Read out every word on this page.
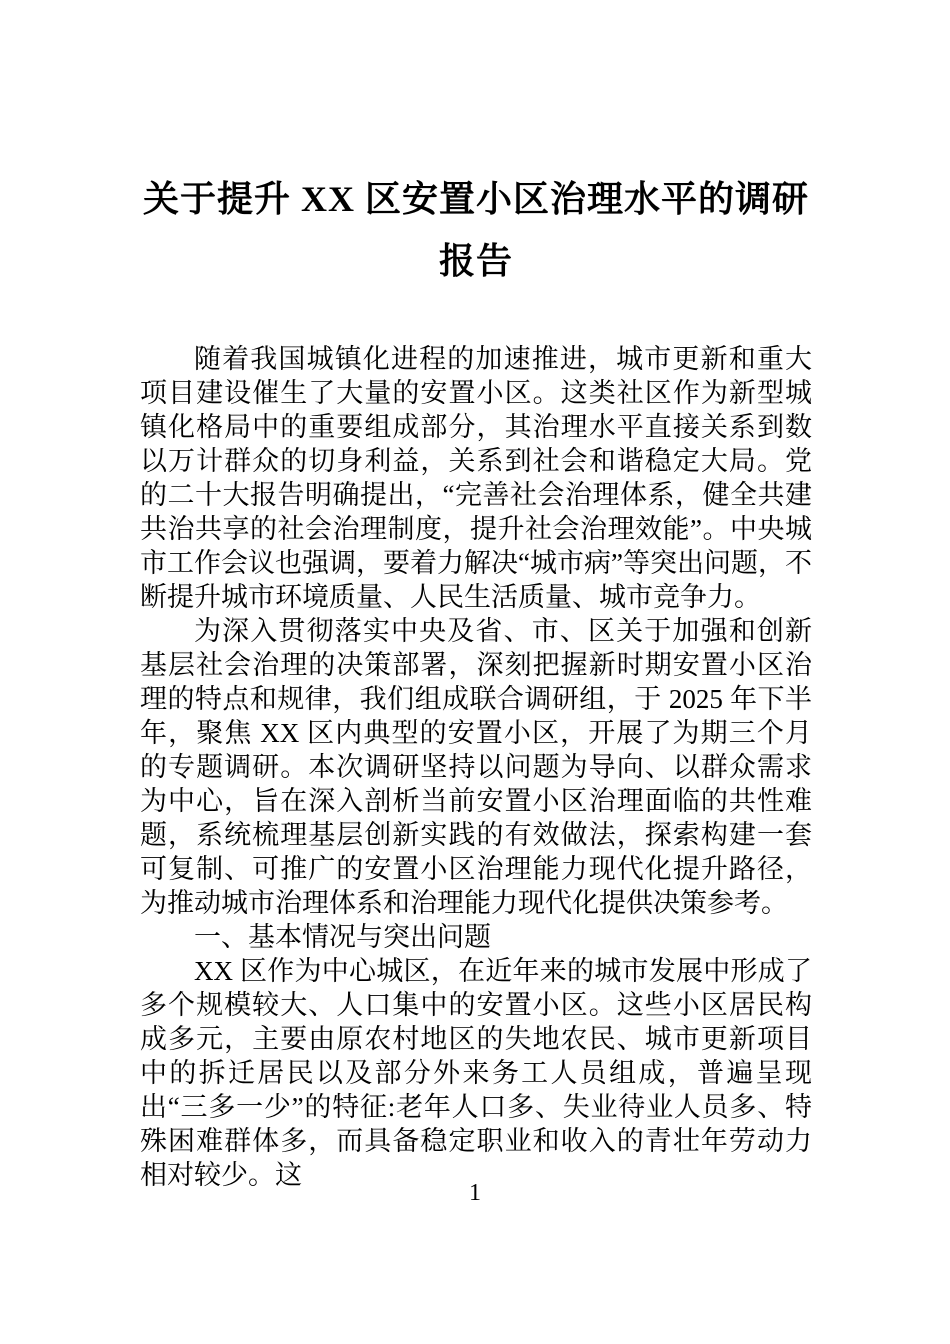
关于提升 XX 区安置小区治理水平的调研报告

随着我国城镇化进程的加速推进，城市更新和重大项目建设催生了大量的安置小区。这类社区作为新型城镇化格局中的重要组成部分，其治理水平直接关系到数以万计群众的切身利益，关系到社会和谐稳定大局。党的二十大报告明确提出，“完善社会治理体系，健全共建共治共享的社会治理制度，提升社会治理效能”。中央城市工作会议也强调，要着力解决“城市病”等突出问题，不断提升城市环境质量、人民生活质量、城市竞争力。

为深入贯彻落实中央及省、市、区关于加强和创新基层社会治理的决策部署，深刻把握新时期安置小区治理的特点和规律，我们组成联合调研组，于 2025 年下半年，聚焦 XX 区内典型的安置小区，开展了为期三个月的专题调研。本次调研坚持以问题为导向、以群众需求为中心，旨在深入剖析当前安置小区治理面临的共性难题，系统梳理基层创新实践的有效做法，探索构建一套可复制、可推广的安置小区治理能力现代化提升路径，为推动城市治理体系和治理能力现代化提供决策参考。

一、基本情况与突出问题

XX 区作为中心城区，在近年来的城市发展中形成了多个规模较大、人口集中的安置小区。这些小区居民构成多元，主要由原农村地区的失地农民、城市更新项目中的拆迁居民以及部分外来务工人员组成，普遍呈现出“三多一少”的特征:老年人口多、失业待业人员多、特殊困难群体多，而具备稳定职业和收入的青壮年劳动力相对较少。这

1
